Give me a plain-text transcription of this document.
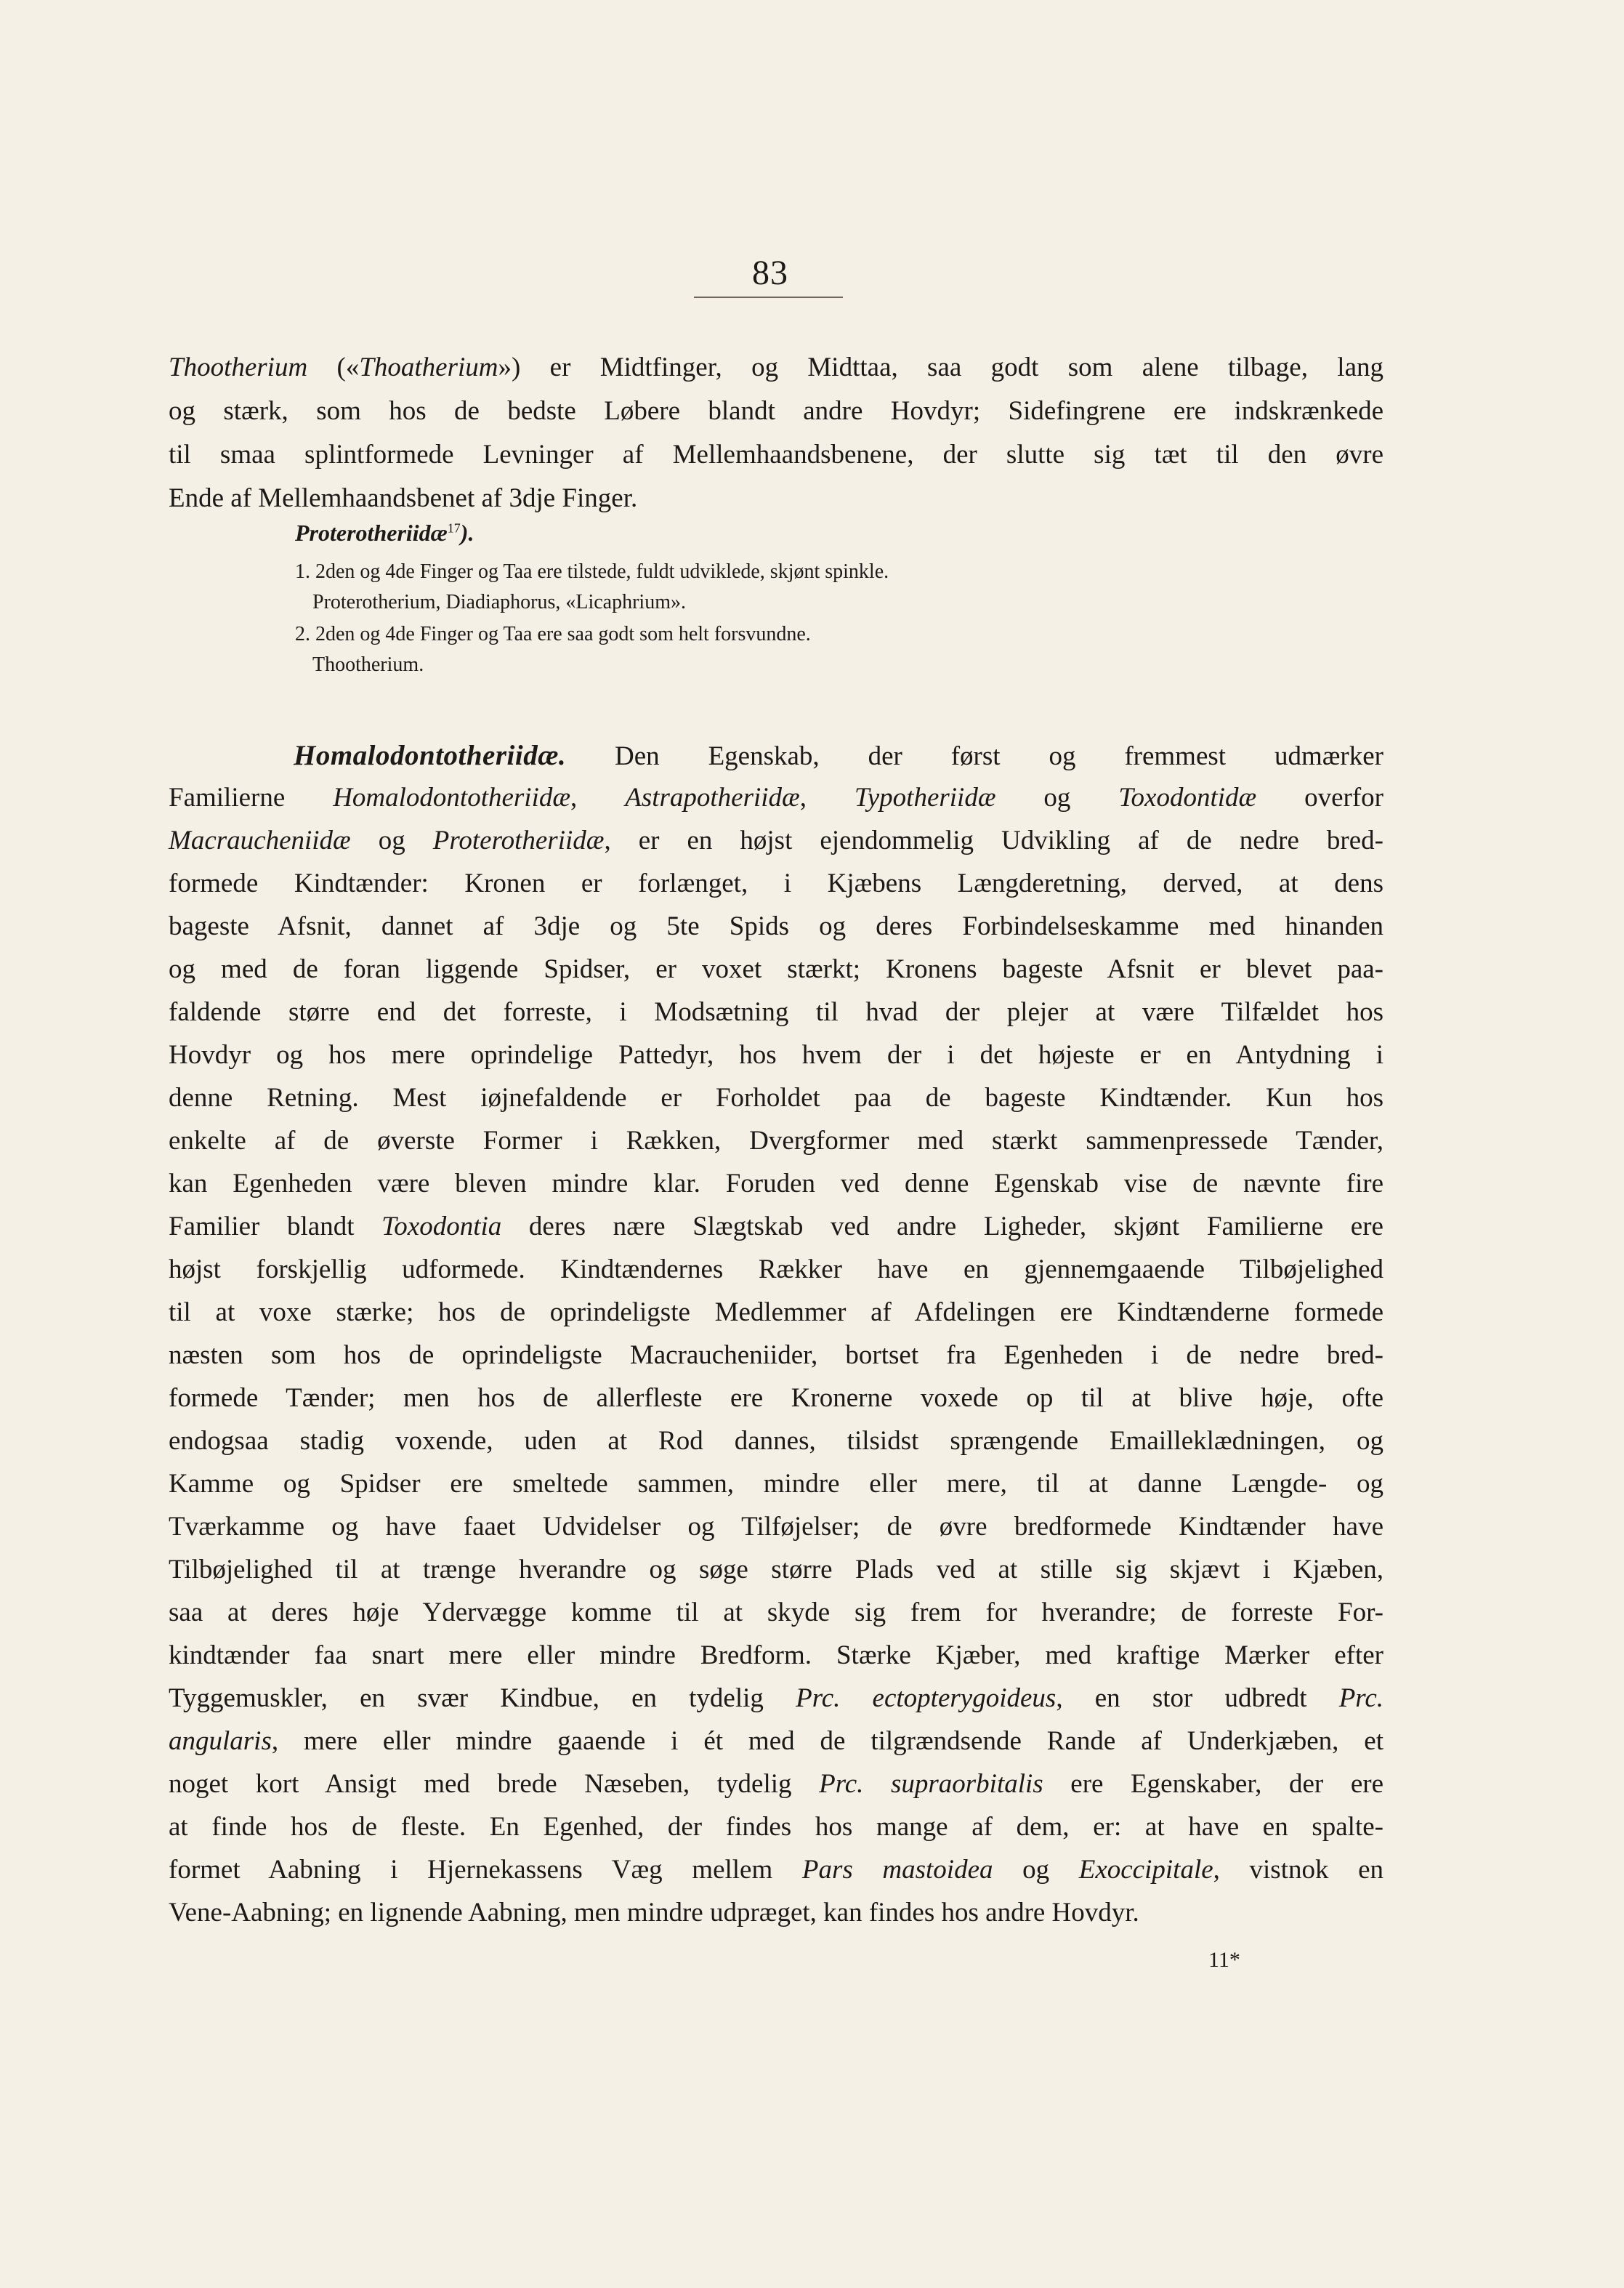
83
Thootherium («Thoatherium») er Midtfinger, og Midttaa, saa godt som alene tilbage, lang
og stærk, som hos de bedste Løbere blandt andre Hovdyr; Sidefingrene ere indskrænkede
til smaa splintformede Levninger af Mellemhaandsbenene, der slutte sig tæt til den øvre
Ende af Mellemhaandsbenet af 3dje Finger.
Proterotheriidæ$^{17}$).
1. 2den og 4de Finger og Taa ere tilstede, fuldt udviklede, skjønt spinkle.
Proterotherium, Diadiaphorus, «Licaphrium».
2. 2den og 4de Finger og Taa ere saa godt som helt forsvundne.
Thootherium.
Homalodontotheriidæ. Den Egenskab, der først og fremmest udmærker
Familierne Homalodontotheriidæ, Astrapotheriidæ, Typotheriidæ og Toxodontidæ overfor
Macraucheniidæ og Proterotheriidæ, er en højst ejendommelig Udvikling af de nedre bred-
formede Kindtænder: Kronen er forlænget, i Kjæbens Længderetning, derved, at dens
bageste Afsnit, dannet af 3dje og 5te Spids og deres Forbindelseskamme med hinanden
og med de foran liggende Spidser, er voxet stærkt; Kronens bageste Afsnit er blevet paa-
faldende større end det forreste, i Modsætning til hvad der plejer at være Tilfældet hos
Hovdyr og hos mere oprindelige Pattedyr, hos hvem der i det højeste er en Antydning i
denne Retning. Mest iøjnefaldende er Forholdet paa de bageste Kindtænder. Kun hos
enkelte af de øverste Former i Rækken, Dvergformer med stærkt sammenpressede Tænder,
kan Egenheden være bleven mindre klar. Foruden ved denne Egenskab vise de nævnte fire
Familier blandt Toxodontia deres nære Slægtskab ved andre Ligheder, skjønt Familierne ere
højst forskjellig udformede. Kindtændernes Rækker have en gjennemgaaende Tilbøjelighed
til at voxe stærke; hos de oprindeligste Medlemmer af Afdelingen ere Kindtænderne formede
næsten som hos de oprindeligste Macraucheniider, bortset fra Egenheden i de nedre bred-
formede Tænder; men hos de allerfleste ere Kronerne voxede op til at blive høje, ofte
endogsaa stadig voxende, uden at Rod dannes, tilsidst sprængende Emailleklædningen, og
Kamme og Spidser ere smeltede sammen, mindre eller mere, til at danne Længde- og
Tværkamme og have faaet Udvidelser og Tilføjelser; de øvre bredformede Kindtænder have
Tilbøjelighed til at trænge hverandre og søge større Plads ved at stille sig skjævt i Kjæben,
saa at deres høje Ydervægge komme til at skyde sig frem for hverandre; de forreste For-
kindtænder faa snart mere eller mindre Bredform. Stærke Kjæber, med kraftige Mærker efter
Tyggemuskler, en svær Kindbue, en tydelig Prc. ectopterygoideus, en stor udbredt Prc.
angularis, mere eller mindre gaaende i ét med de tilgrændsende Rande af Underkjæben, et
noget kort Ansigt med brede Næseben, tydelig Prc. supraorbitalis ere Egenskaber, der ere
at finde hos de fleste. En Egenhed, der findes hos mange af dem, er: at have en spalte-
formet Aabning i Hjernekassens Væg mellem Pars mastoidea og Exoccipitale, vistnok en
Vene-Aabning; en lignende Aabning, men mindre udpræget, kan findes hos andre Hovdyr.
11*
